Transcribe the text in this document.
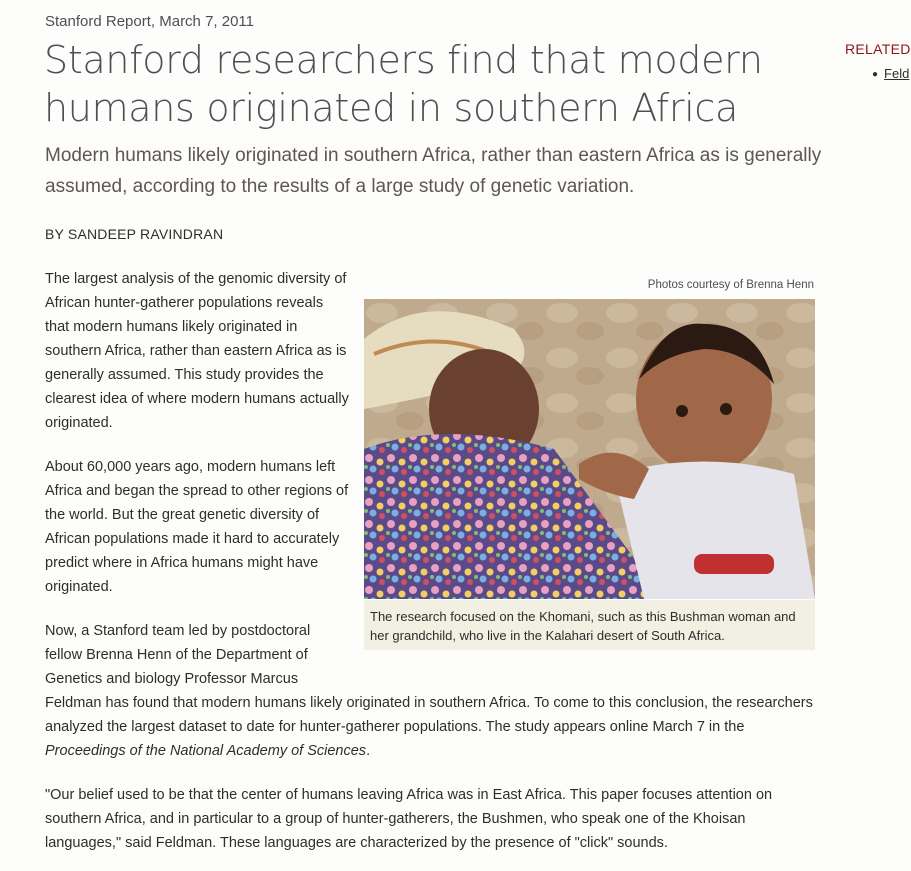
Stanford Report, March 7, 2011
Stanford researchers find that modern humans originated in southern Africa

Modern humans likely originated in southern Africa, rather than eastern Africa as is generally assumed, according to the results of a large study of genetic variation.

BY SANDEEP RAVINDRAN

The largest analysis of the genomic diversity of African hunter-gatherer populations reveals that modern humans likely originated in southern Africa, rather than eastern Africa as is generally assumed. This study provides the clearest idea of where modern humans actually originated.

About 60,000 years ago, modern humans left Africa and began the spread to other regions of the world. But the great genetic diversity of African populations made it hard to accurately predict where in Africa humans might have originated.

Now, a Stanford team led by postdoctoral fellow Brenna Henn of the Department of Genetics and biology Professor Marcus

Feldman has found that modern humans likely originated in southern Africa. To come to this conclusion, the researchers analyzed the largest dataset to date for hunter-gatherer populations. The study appears online March 7 in the Proceedings of the National Academy of Sciences.

"Our belief used to be that the center of humans leaving Africa was in East Africa. This paper focuses attention on southern Africa, and in particular to a group of hunter-gatherers, the Bushmen, who speak one of the Khoisan languages," said Feldman. These languages are characterized by the presence of "click" sounds.

Photos courtesy of Brenna Henn
The research focused on the Khomani, such as this Bushman woman and her grandchild, who live in the Kalahari desert of South Africa.
RELATED
● Feld
